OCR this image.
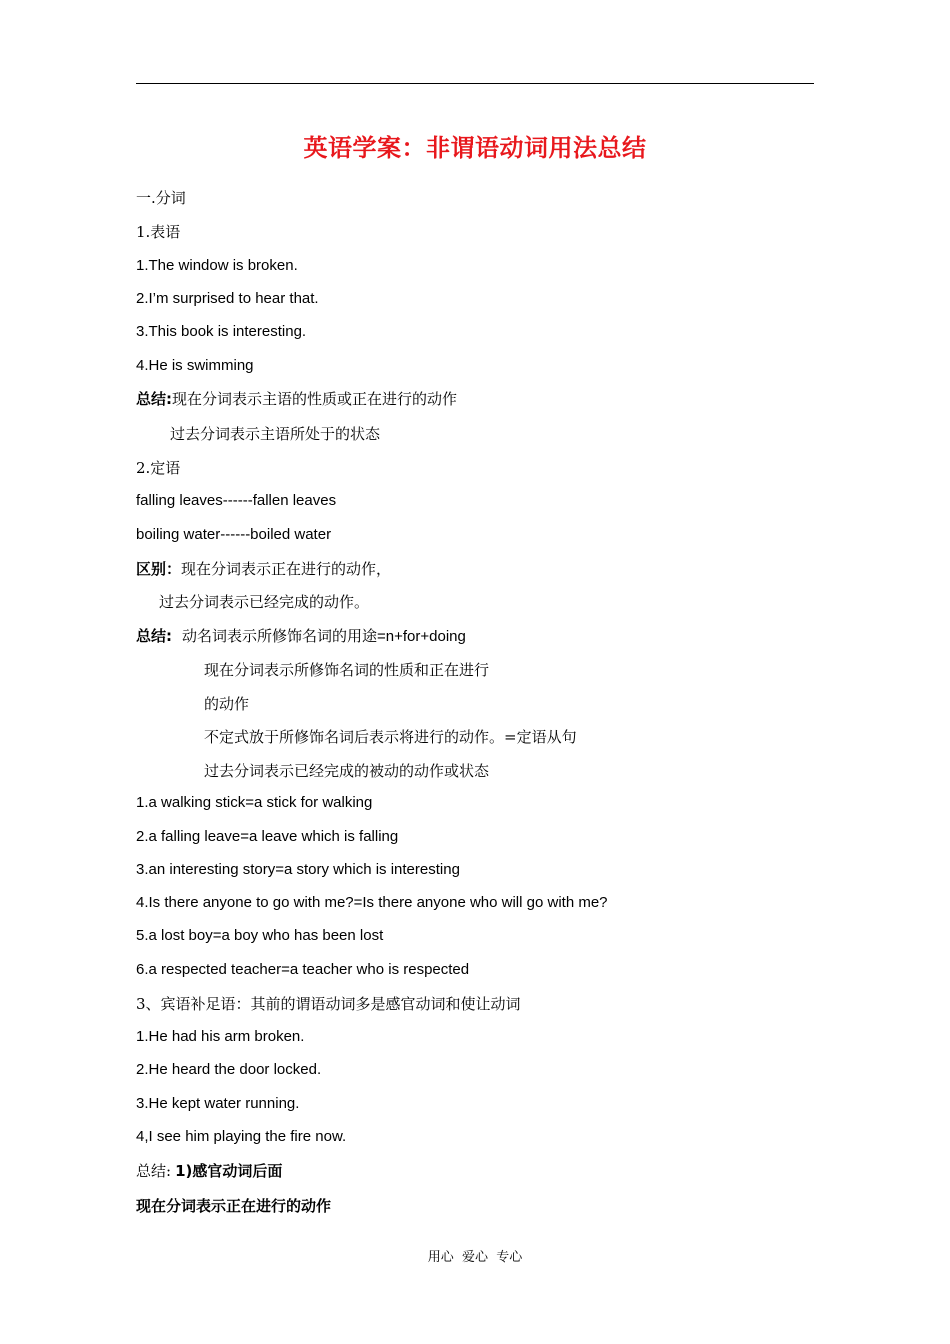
英语学案：非谓语动词用法总结
一.分词
1.表语
1.The window is broken.
2.I’m surprised to hear that.
3.This book is interesting.
4.He is swimming
总结:现在分词表示主语的性质或正在进行的动作
过去分词表示主语所处于的状态
2.定语
falling leaves------fallen leaves
boiling water------boiled water
区别：现在分词表示正在进行的动作，
过去分词表示已经完成的动作。
总结: 动名词表示所修饰名词的用途=n+for+doing
现在分词表示所修饰名词的性质和正在进行
的动作
不定式放于所修饰名词后表示将进行的动作。=定语从句
过去分词表示已经完成的被动的动作或状态
1.a walking stick=a stick for walking
2.a falling leave=a leave which is falling
3.an interesting story=a story which is interesting
4.Is there anyone to go with me?=Is there anyone who will go with me?
5.a lost boy=a boy who has been lost
6.a respected teacher=a teacher who is respected
3、宾语补足语：其前的谓语动词多是感官动词和使让动词
1.He had his arm broken.
2.He heard the door locked.
3.He kept water running.
4,I see him playing the fire now.
总结: 1)感官动词后面
现在分词表示正在进行的动作
用心  爱心  专心
